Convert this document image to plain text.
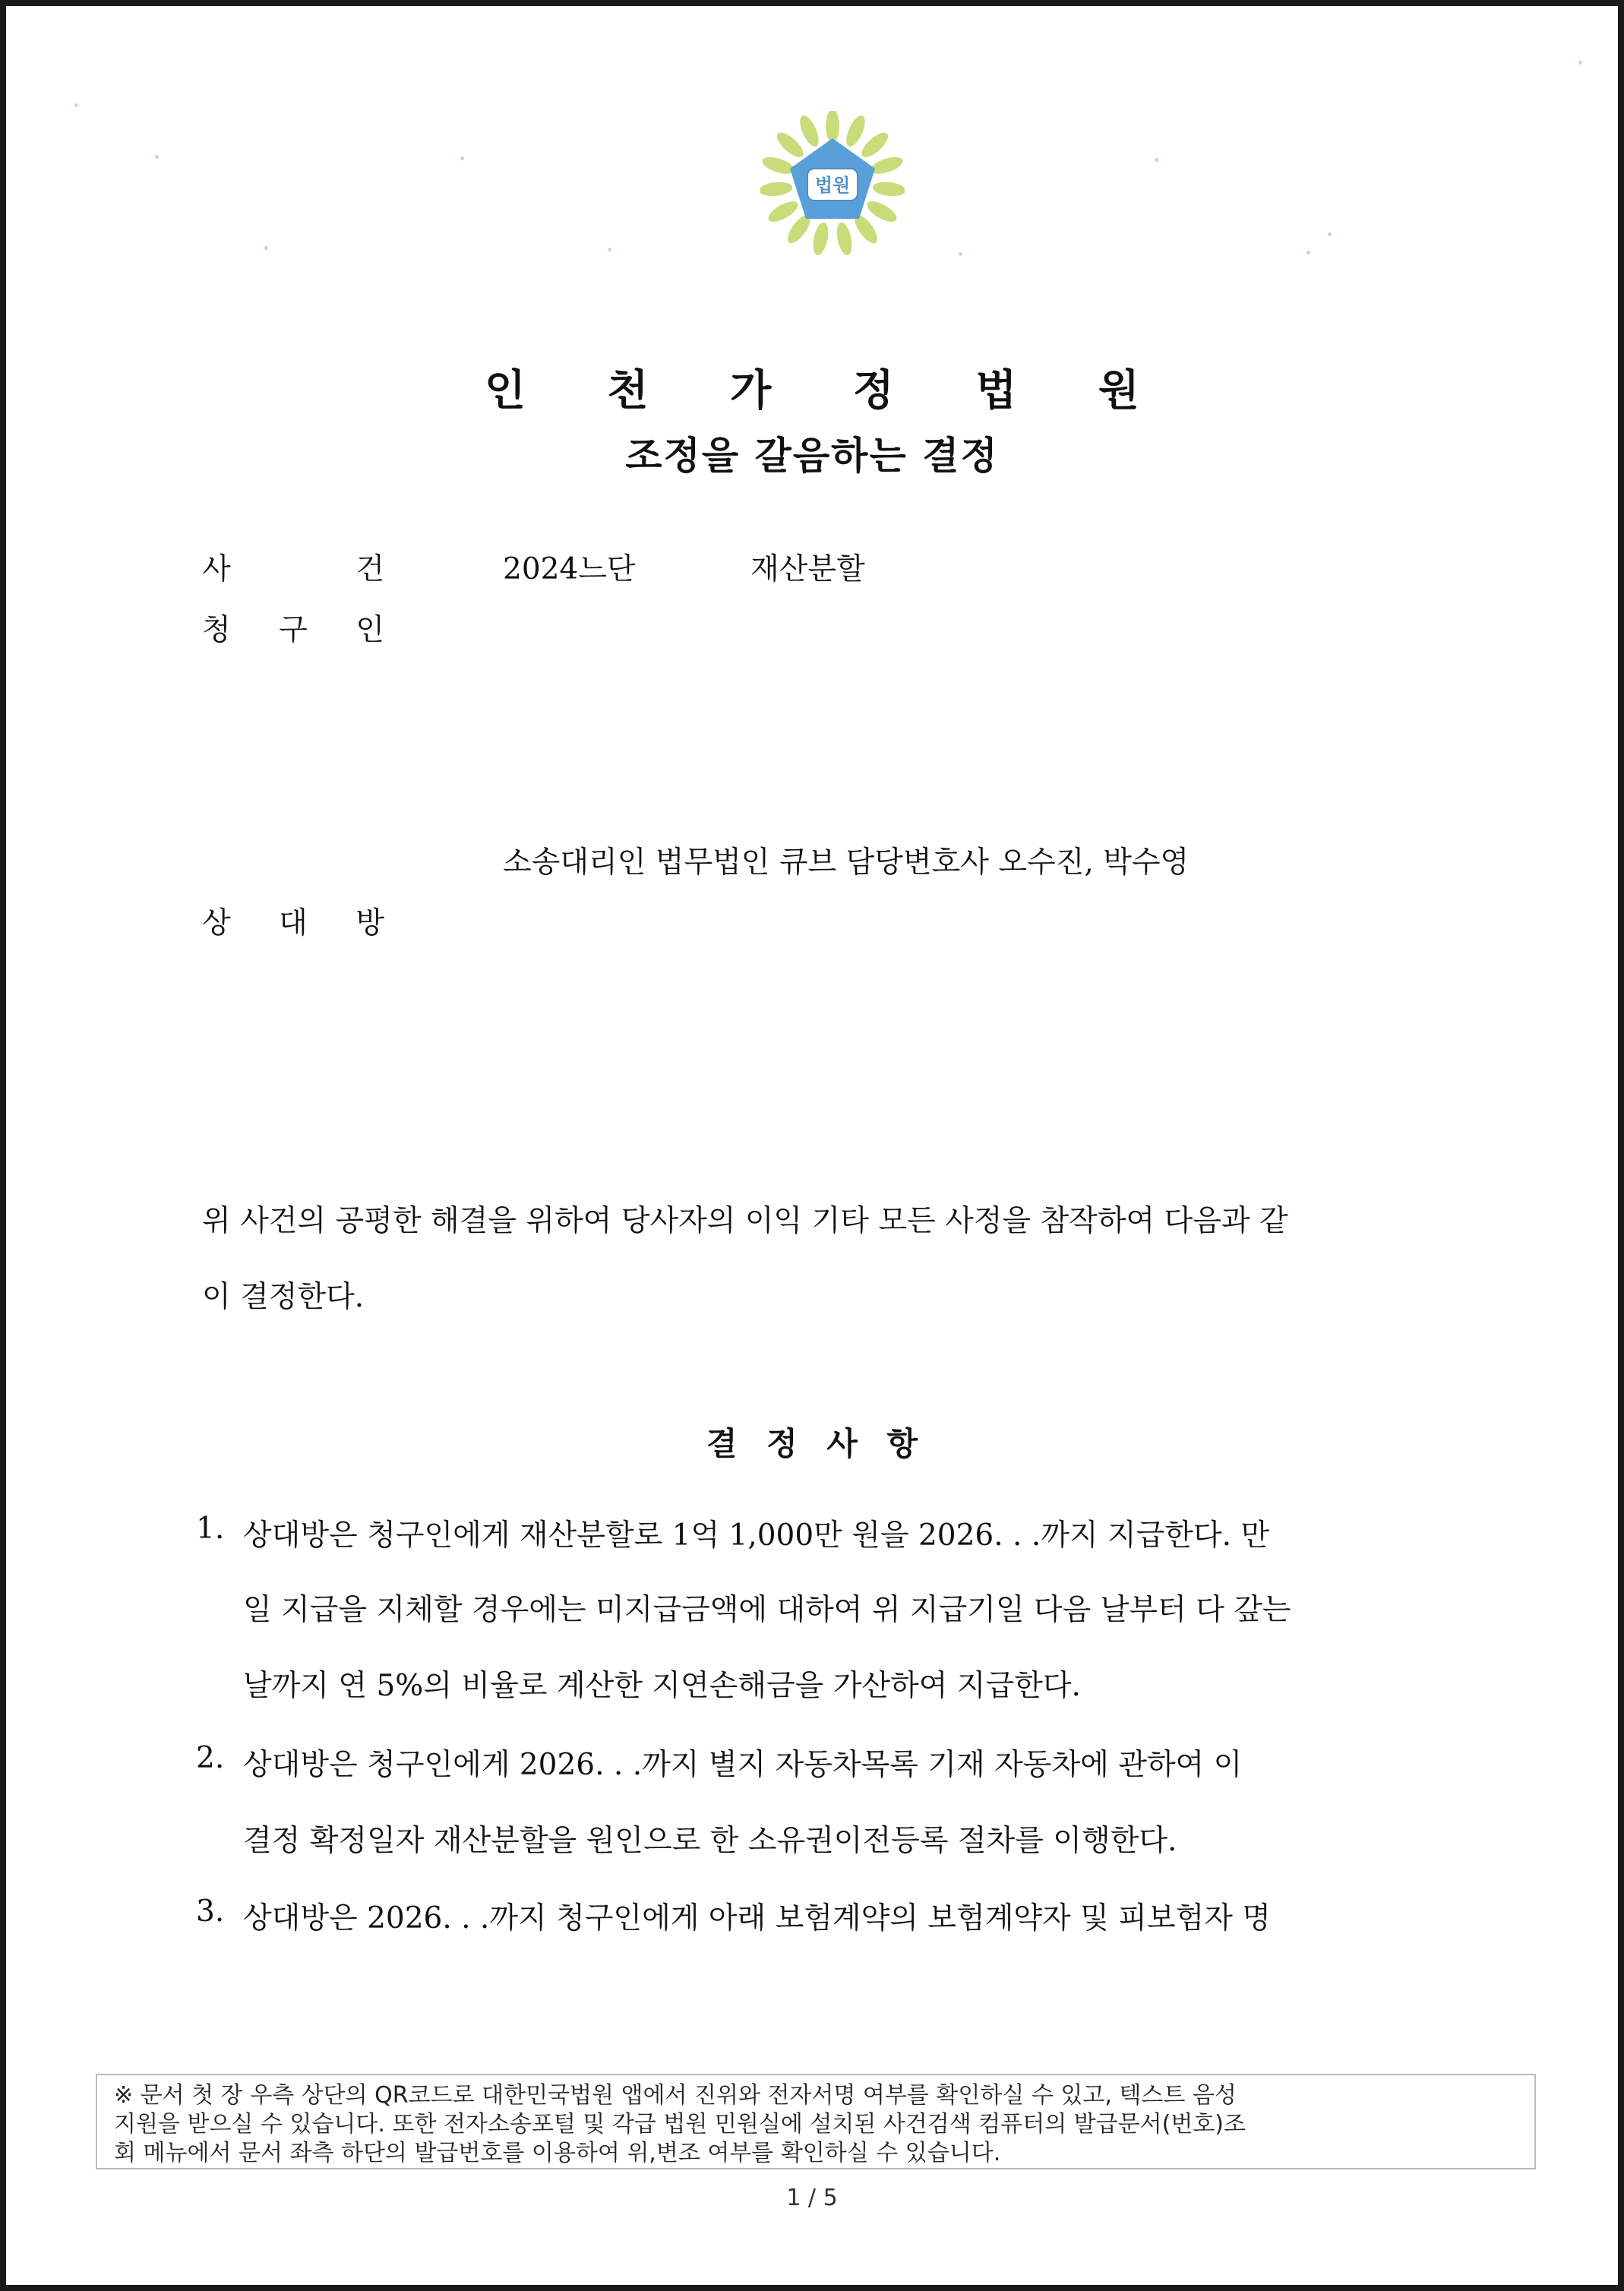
법원
인 천 가 정 법 원
조정을 갈음하는 결정
사	건	2024느단	재산분할
청 구 인
소송대리인 법무법인 큐브 담당변호사 오수진, 박수영
상 대 방
위 사건의 공평한 해결을 위하여 당사자의 이익 기타 모든 사정을 참작하여 다음과 같
이 결정한다.
결 정 사 항
1. 상대방은 청구인에게 재산분할로 1억 1,000만 원을 2026. . .까지 지급한다. 만
일 지급을 지체할 경우에는 미지급금액에 대하여 위 지급기일 다음 날부터 다 갚는
날까지 연 5%의 비율로 계산한 지연손해금을 가산하여 지급한다.
2. 상대방은 청구인에게 2026. . .까지 별지 자동차목록 기재 자동차에 관하여 이
결정 확정일자 재산분할을 원인으로 한 소유권이전등록 절차를 이행한다.
3. 상대방은 2026. . .까지 청구인에게 아래 보험계약의 보험계약자 및 피보험자 명
※ 문서 첫 장 우측 상단의 QR코드로 대한민국법원 앱에서 진위와 전자서명 여부를 확인하실 수 있고, 텍스트 음성
지원을 받으실 수 있습니다. 또한 전자소송포털 및 각급 법원 민원실에 설치된 사건검색 컴퓨터의 발급문서(번호)조
회 메뉴에서 문서 좌측 하단의 발급번호를 이용하여 위,변조 여부를 확인하실 수 있습니다.
1 / 5
